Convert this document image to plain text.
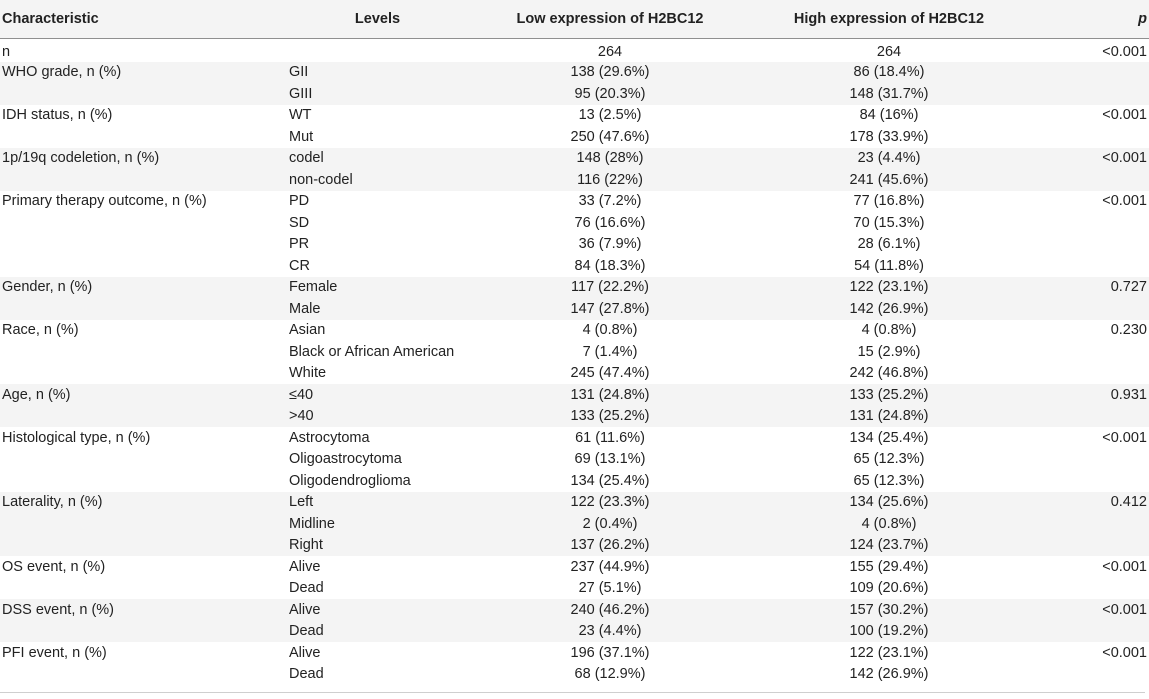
Characteristic	Levels	Low expression of H2BC12	High expression of H2BC12	p
n		264	264	<0.001
WHO grade, n (%)	GII	138 (29.6%)	86 (18.4%)	
	GIII	95 (20.3%)	148 (31.7%)	
IDH status, n (%)	WT	13 (2.5%)	84 (16%)	<0.001
	Mut	250 (47.6%)	178 (33.9%)	
1p/19q codeletion, n (%)	codel	148 (28%)	23 (4.4%)	<0.001
	non-codel	116 (22%)	241 (45.6%)	
Primary therapy outcome, n (%)	PD	33 (7.2%)	77 (16.8%)	<0.001
	SD	76 (16.6%)	70 (15.3%)	
	PR	36 (7.9%)	28 (6.1%)	
	CR	84 (18.3%)	54 (11.8%)	
Gender, n (%)	Female	117 (22.2%)	122 (23.1%)	0.727
	Male	147 (27.8%)	142 (26.9%)	
Race, n (%)	Asian	4 (0.8%)	4 (0.8%)	0.230
	Black or African American	7 (1.4%)	15 (2.9%)	
	White	245 (47.4%)	242 (46.8%)	
Age, n (%)	≤40	131 (24.8%)	133 (25.2%)	0.931
	>40	133 (25.2%)	131 (24.8%)	
Histological type, n (%)	Astrocytoma	61 (11.6%)	134 (25.4%)	<0.001
	Oligoastrocytoma	69 (13.1%)	65 (12.3%)	
	Oligodendroglioma	134 (25.4%)	65 (12.3%)	
Laterality, n (%)	Left	122 (23.3%)	134 (25.6%)	0.412
	Midline	2 (0.4%)	4 (0.8%)	
	Right	137 (26.2%)	124 (23.7%)	
OS event, n (%)	Alive	237 (44.9%)	155 (29.4%)	<0.001
	Dead	27 (5.1%)	109 (20.6%)	
DSS event, n (%)	Alive	240 (46.2%)	157 (30.2%)	<0.001
	Dead	23 (4.4%)	100 (19.2%)	
PFI event, n (%)	Alive	196 (37.1%)	122 (23.1%)	<0.001
	Dead	68 (12.9%)	142 (26.9%)	
